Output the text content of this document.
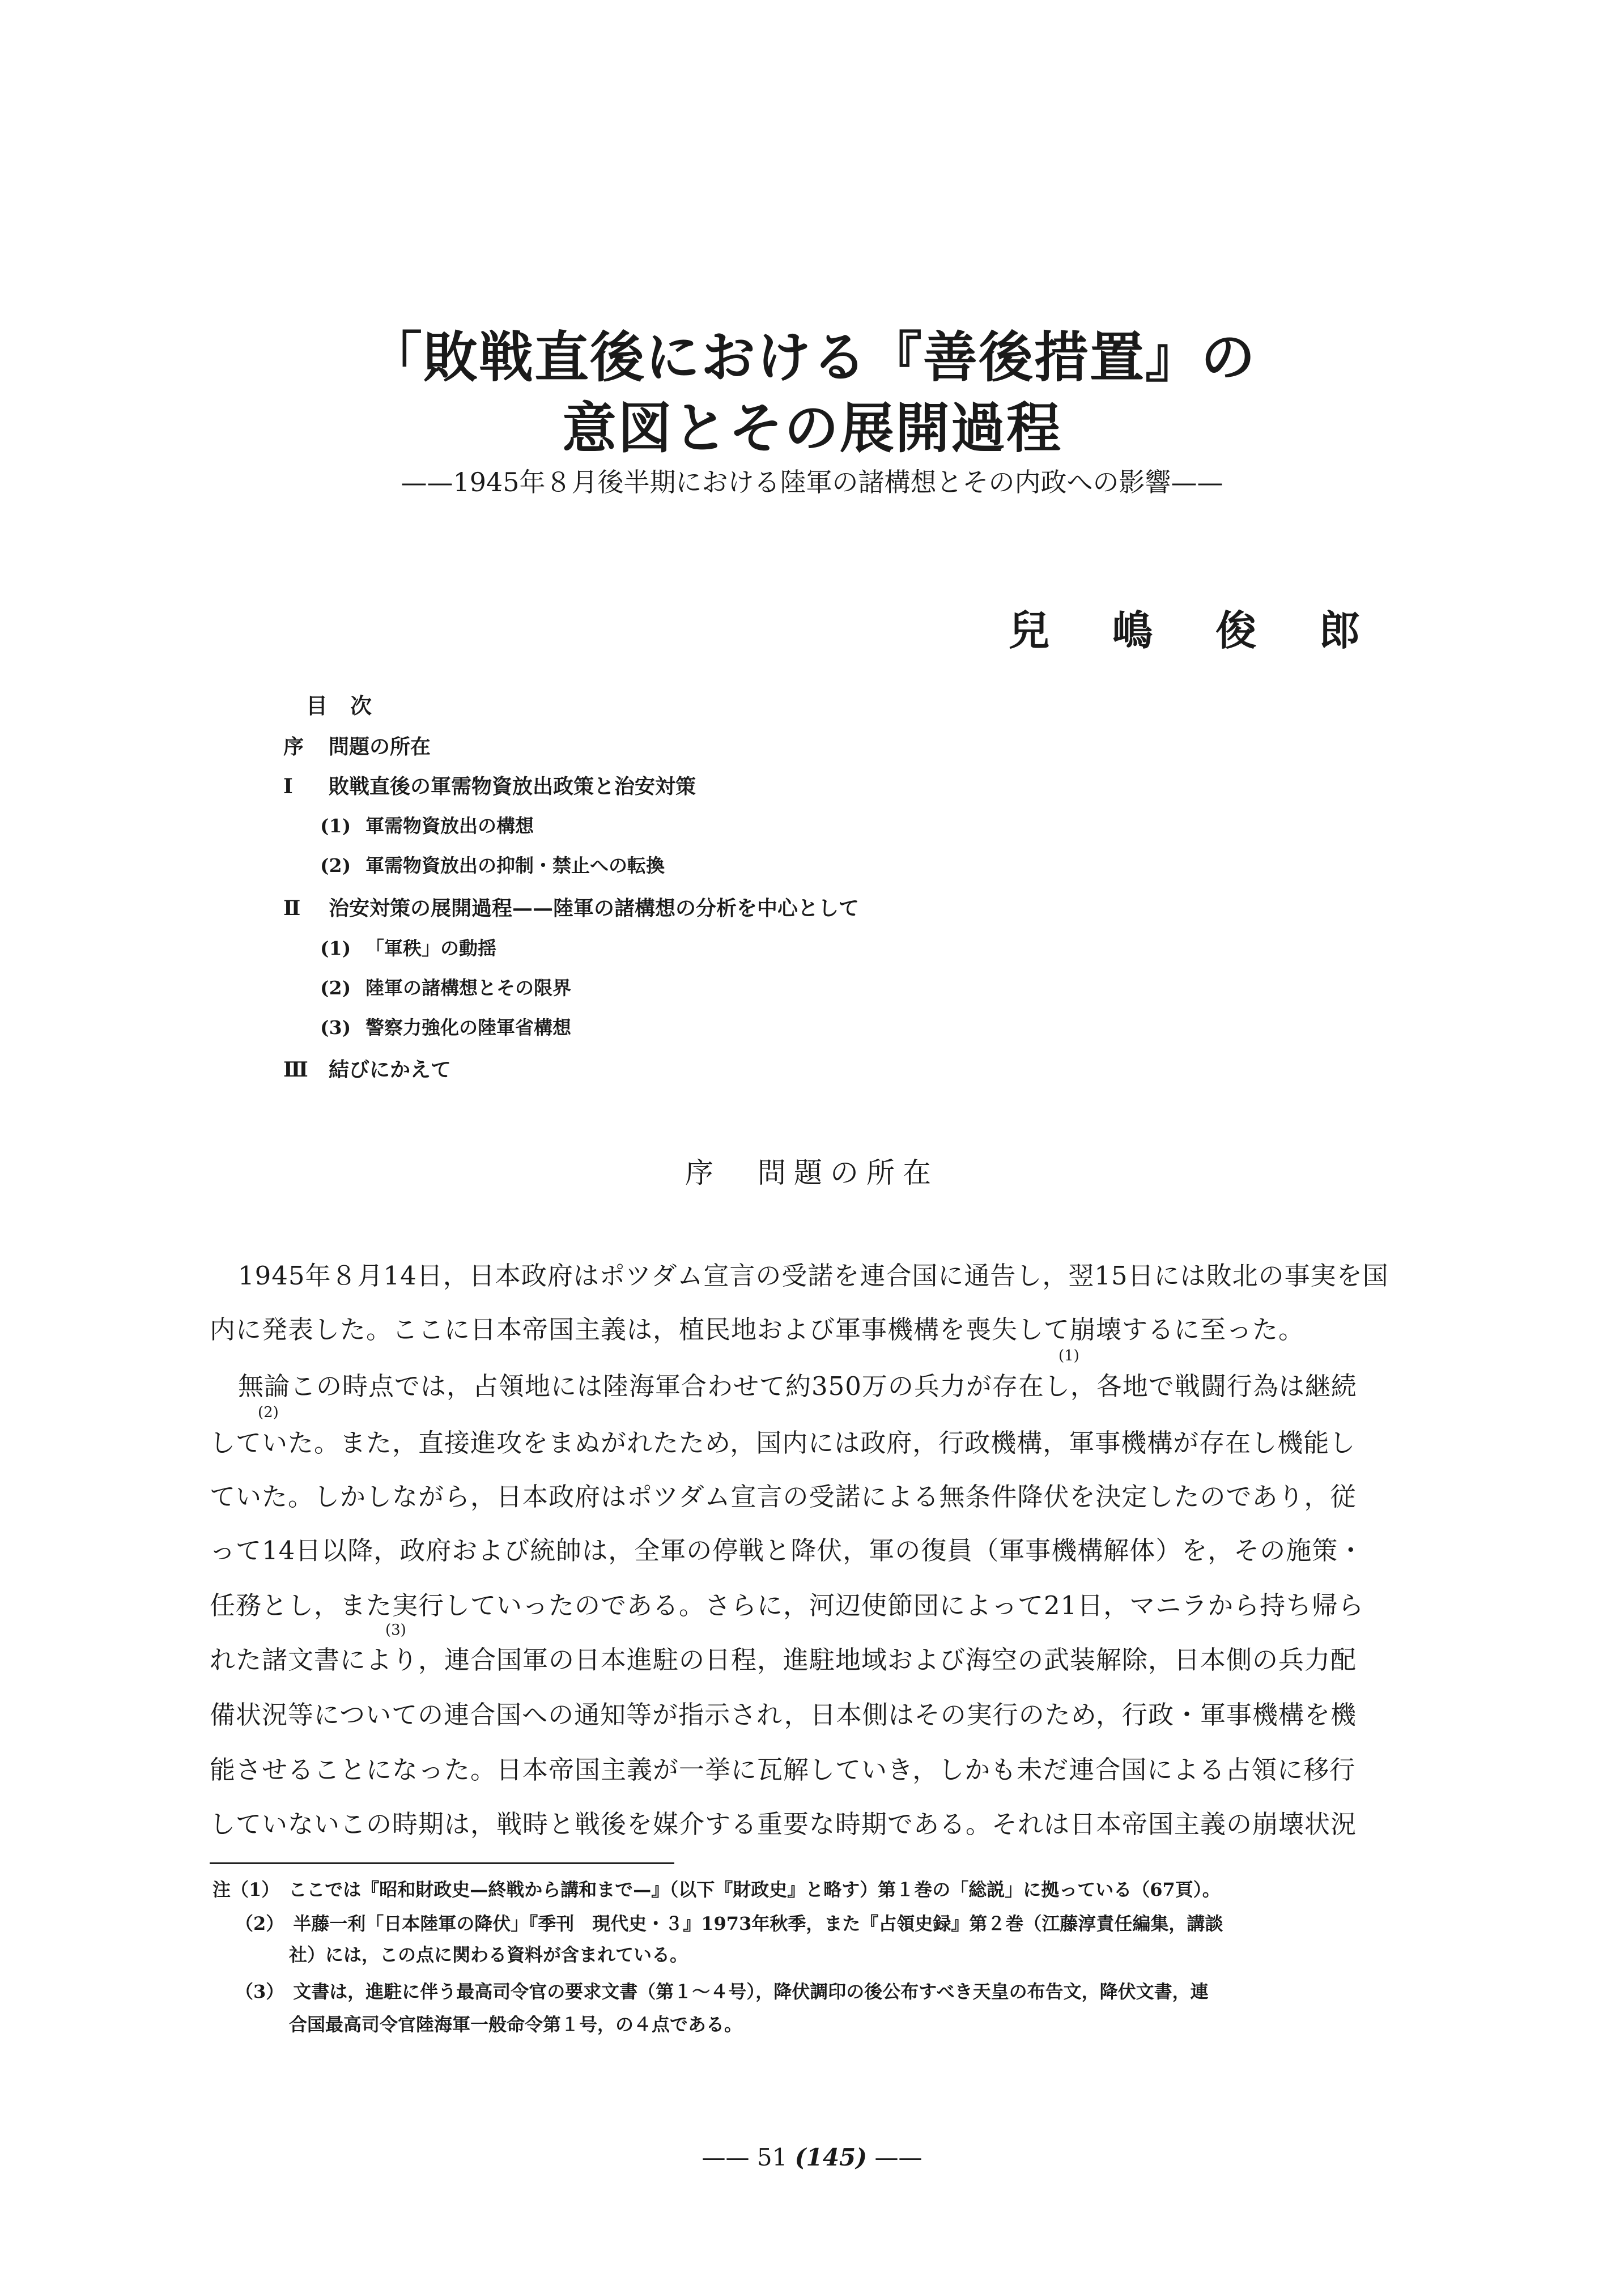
「敗戦直後における『善後措置』の
意図とその展開過程
——1945年８月後半期における陸軍の諸構想とその内政への影響——
兒 嶋 俊 郎
目次
序 問題の所在
Ⅰ 敗戦直後の軍需物資放出政策と治安対策
(1) 軍需物資放出の構想
(2) 軍需物資放出の抑制・禁止への転換
Ⅱ 治安対策の展開過程——陸軍の諸構想の分析を中心として
(1) 「軍秩」の動揺
(2) 陸軍の諸構想とその限界
(3) 警察力強化の陸軍省構想
Ⅲ 結びにかえて
序　問題の所在
1945年８月14日，日本政府はポツダム宣言の受諾を連合国に通告し，翌15日には敗北の事実を国
内に発表した。ここに日本帝国主義は，植民地および軍事機構を喪失して崩壊するに至った。
(1)
無論この時点では，占領地には陸海軍合わせて約350万の兵力が存在し，各地で戦闘行為は継続
(2)
していた。また，直接進攻をまぬがれたため，国内には政府，行政機構，軍事機構が存在し機能し
ていた。しかしながら，日本政府はポツダム宣言の受諾による無条件降伏を決定したのであり，従
って14日以降，政府および統帥は，全軍の停戦と降伏，軍の復員（軍事機構解体）を，その施策・
任務とし，また実行していったのである。さらに，河辺使節団によって21日，マニラから持ち帰ら
(3)
れた諸文書により，連合国軍の日本進駐の日程，進駐地域および海空の武装解除，日本側の兵力配
備状況等についての連合国への通知等が指示され，日本側はその実行のため，行政・軍事機構を機
能させることになった。日本帝国主義が一挙に瓦解していき，しかも未だ連合国による占領に移行
していないこの時期は，戦時と戦後を媒介する重要な時期である。それは日本帝国主義の崩壊状況
注（1）　ここでは『昭和財政史—終戦から講和まで—』（以下『財政史』と略す）第１巻の「総説」に拠っている（67頁）。
（2）　半藤一利「日本陸軍の降伏」『季刊　現代史・３』1973年秋季，また『占領史録』第２巻（江藤淳責任編集，講談
社）には，この点に関わる資料が含まれている。
（3）　文書は，進駐に伴う最高司令官の要求文書（第１～４号），降伏調印の後公布すべき天皇の布告文，降伏文書，連
合国最高司令官陸海軍一般命令第１号，の４点である。
—— 51 (145) ——
